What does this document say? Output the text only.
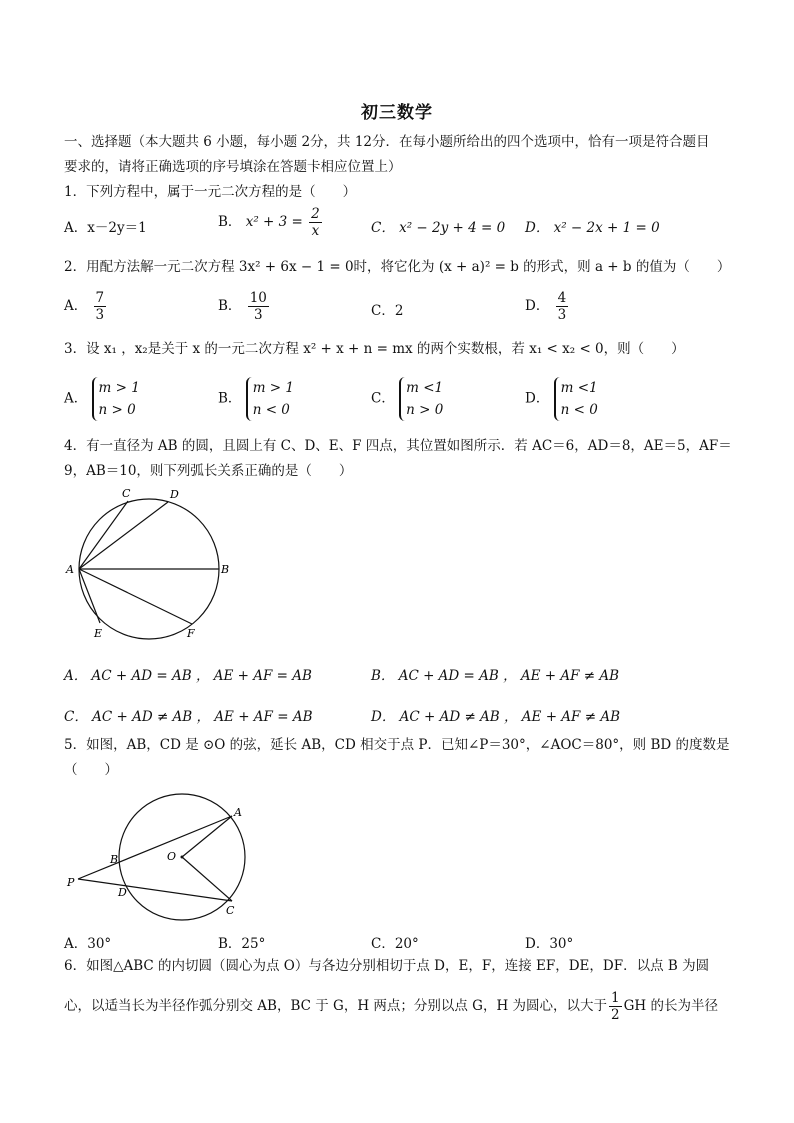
初三数学
一、选择题（本大题共 6 小题，每小题 2分，共 12分．在每小题所给出的四个选项中，恰有一项是符合题目
要求的，请将正确选项的序号填涂在答题卡相应位置上）
1．下列方程中，属于一元二次方程的是（　　）
A．x－2y＝1	B． $x^2 + 3 = \frac{2}{x}$	C． x² − 2y + 4 = 0 D． x² − 2x + 1 = 0
2．用配方法解一元二次方程 3x² + 6x − 1 = 0时，将它化为 (x + a)² = b 的形式，则 a + b 的值为（　　）
A． $\frac{7}{3}$	B． $\frac{10}{3}$	C．2	D． $\frac{4}{3}$
3．设 x₁ ，x₂是关于 x 的一元二次方程 x² + x + n = mx 的两个实数根，若 x₁ < x₂ < 0，则（　　）
A．
m > 1
n > 0
B．
m > 1
n < 0
C．
m <1
n > 0
D．
m <1
n < 0
4．有一直径为 AB 的圆，且圆上有 C、D、E、F 四点，其位置如图所示．若 AC＝6，AD＝8，AE＝5，AF＝
9，AB＝10，则下列弧长关系正确的是（　　）
A	B
C	D
E	F
A． AC + AD = AB ， AE + AF = AB	B． AC + AD = AB ， AE + AF ≠ AB
C． AC + AD ≠ AB ， AE + AF = AB	D． AC + AD ≠ AB ， AE + AF ≠ AB
5．如图，AB，CD 是 ⊙O 的弦，延长 AB，CD 相交于点 P．已知∠P＝30°，∠AOC＝80°，则 BD 的度数是
（　　）
A
B
C
D
O
P
A．30°	B．25°	C．20°	D．30°
6．如图△ABC 的内切圆（圆心为点 O）与各边分别相切于点 D，E，F，连接 EF，DE，DF．以点 B 为圆
心，以适当长为半径作弧分别交 AB，BC 于 G，H 两点；分别以点 G，H 为圆心，以大于 $\frac{1}{2}$ GH 的长为半径
